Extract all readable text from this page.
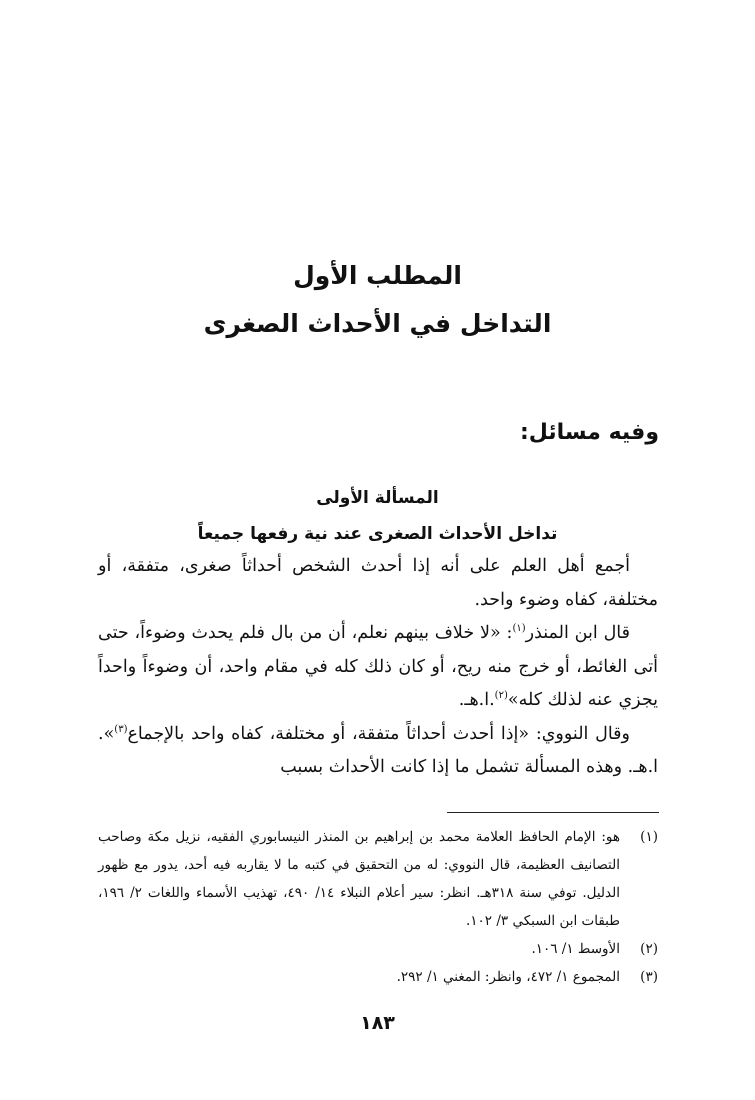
المطلب الأول
التداخل في الأحداث الصغرى
وفيه مسائل:
المسألة الأولى
تداخل الأحداث الصغرى عند نية رفعها جميعاً

أجمع أهل العلم على أنه إذا أحدث الشخص أحداثاً صغرى، متفقة، أو مختلفة، كفاه وضوء واحد.

قال ابن المنذر$^{(١)}$: «لا خلاف بينهم نعلم، أن من بال فلم يحدث وضوءاً، حتى أتى الغائط، أو خرج منه ريح، أو كان ذلك كله في مقام واحد، أن وضوءاً واحداً يجزي عنه لذلك كله»$^{(٢)}$.ا.هـ.

وقال النووي: «إذا أحدث أحداثاً متفقة، أو مختلفة، كفاه واحد بالإجماع$^{(٣)}$». ا.هـ. وهذه المسألة تشمل ما إذا كانت الأحداث بسبب

(١)
هو: الإمام الحافظ العلامة محمد بن إبراهيم بن المنذر النيسابوري الفقيه، نزيل مكة وصاحب التصانيف العظيمة، قال النووي: له من التحقيق في كتبه ما لا يقاربه فيه أحد، يدور مع ظهور الدليل. توفي سنة ٣١٨هـ. انظر: سير أعلام النبلاء ١٤/ ٤٩٠، تهذيب الأسماء واللغات ٢/ ١٩٦، طبقات ابن السبكي ٣/ ١٠٢.
(٢)
الأوسط ١/ ١٠٦.
(٣)
المجموع ١/ ٤٧٢، وانظر: المغني ١/ ٢٩٢.
١٨٣
